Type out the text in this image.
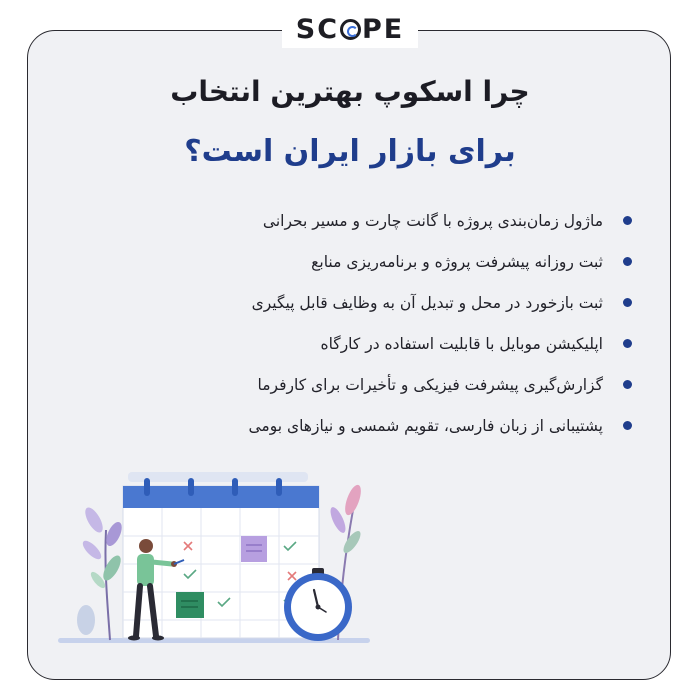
SC PE
چرا اسکوپ بهترین انتخاب
برای بازار ایران است؟
ماژول زمان‌بندی پروژه با گانت چارت و مسیر بحرانی
ثبت روزانه پیشرفت پروژه و برنامه‌ریزی منابع
ثبت بازخورد در محل و تبدیل آن به وظایف قابل پیگیری
اپلیکیشن موبایل با قابلیت استفاده در کارگاه
گزارش‌گیری پیشرفت فیزیکی و تأخیرات برای کارفرما
پشتیبانی از زبان فارسی، تقویم شمسی و نیازهای بومی
